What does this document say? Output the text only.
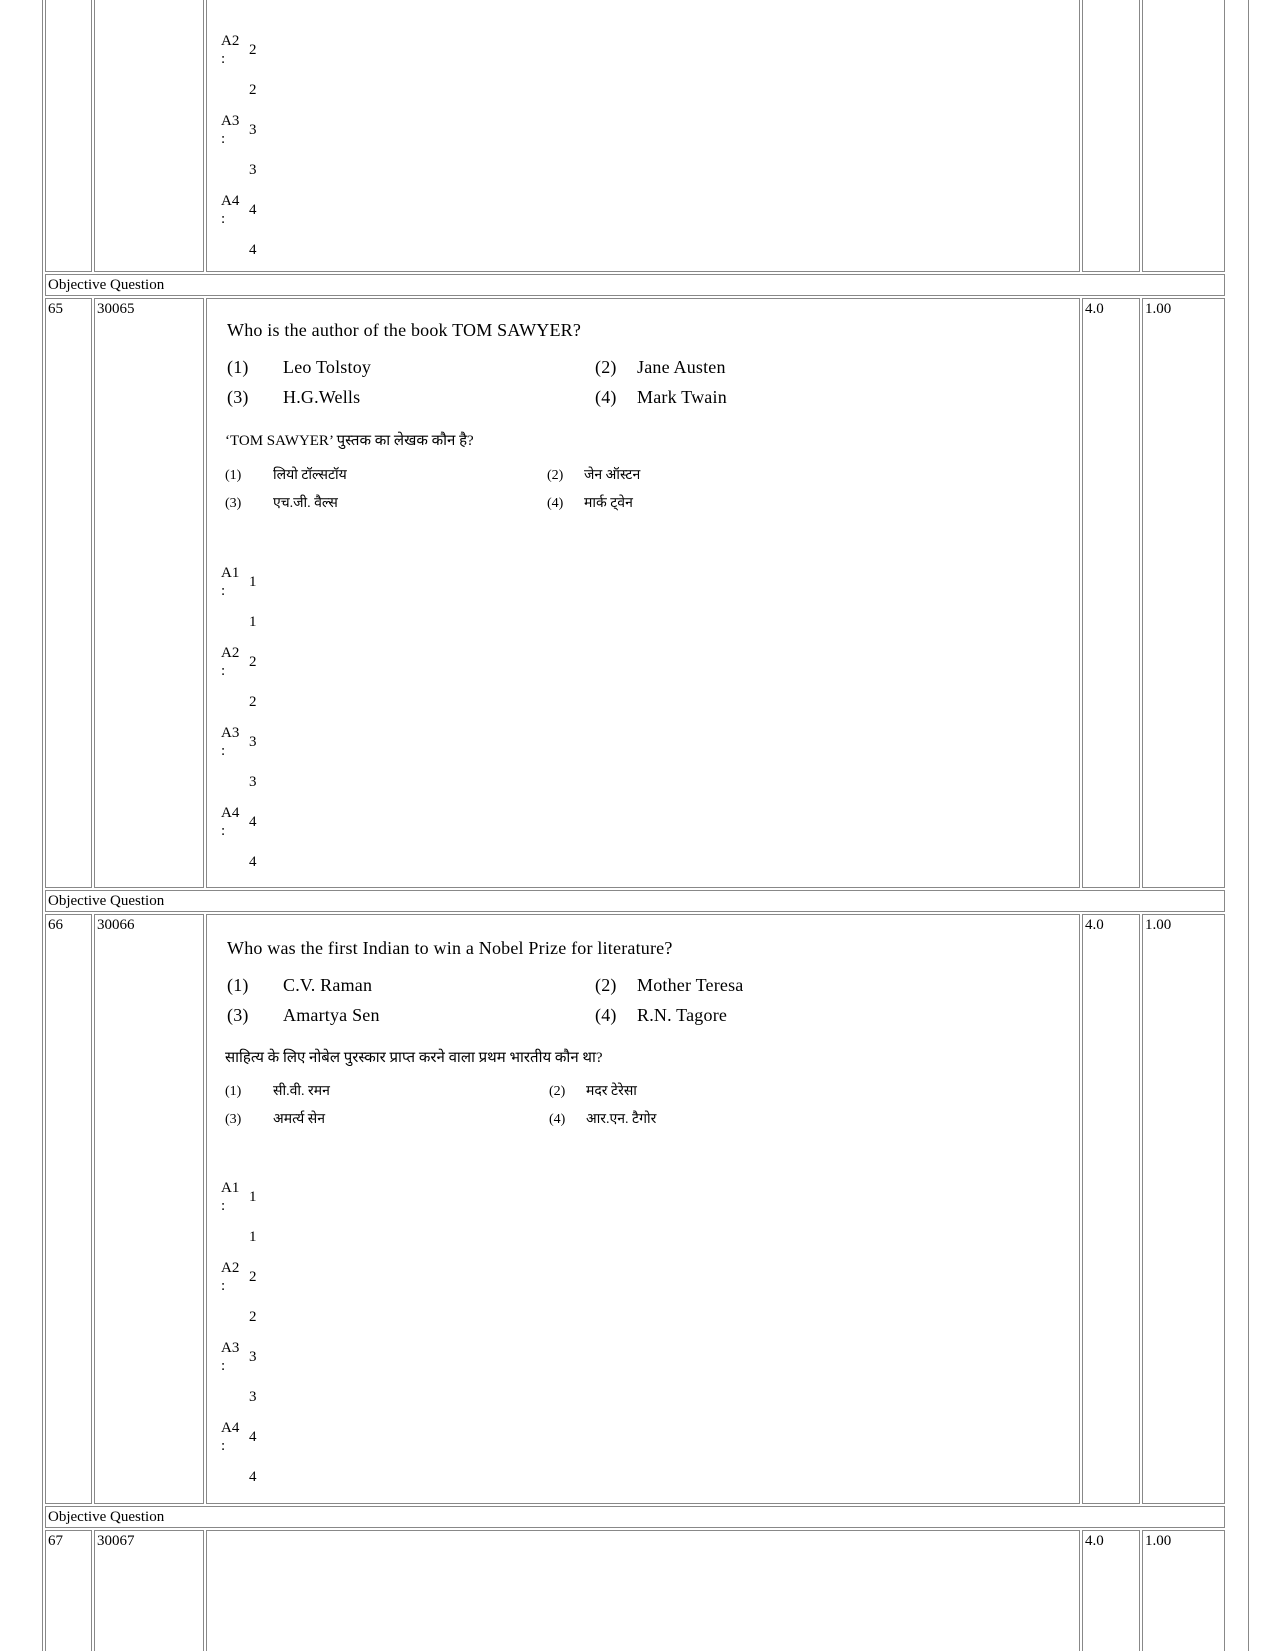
A2
:
2
2
A3
:
3
3
A4
:
4
4
Objective Question
65 30065
Who is the author of the book TOM SAWYER?
(1) Leo Tolstoy	(2) Jane Austen
(3) H.G.Wells	(4) Mark Twain
‘TOM SAWYER’ पुस्तक का लेखक कौन है?
(1) लियो टॉल्सटॉय	(2) जेन ऑस्टन
(3) एच.जी. वैल्स	(4) मार्क ट्वेन
A1
:
1
1
A2
:
2
2
A3
:
3
3
A4
:
4
4
4.0	1.00
Objective Question
66 30066
Who was the first Indian to win a Nobel Prize for literature?
(1) C.V. Raman	(2) Mother Teresa
(3) Amartya Sen	(4) R.N. Tagore
साहित्य के लिए नोबेल पुरस्कार प्राप्त करने वाला प्रथम भारतीय कौन था?
(1) सी.वी. रमन	(2) मदर टेरेसा
(3) अमर्त्य सेन	(4) आर.एन. टैगोर
A1
:
1
1
A2
:
2
2
A3
:
3
3
A4
:
4
4
4.0	1.00
Objective Question
67 30067	4.0	1.00
